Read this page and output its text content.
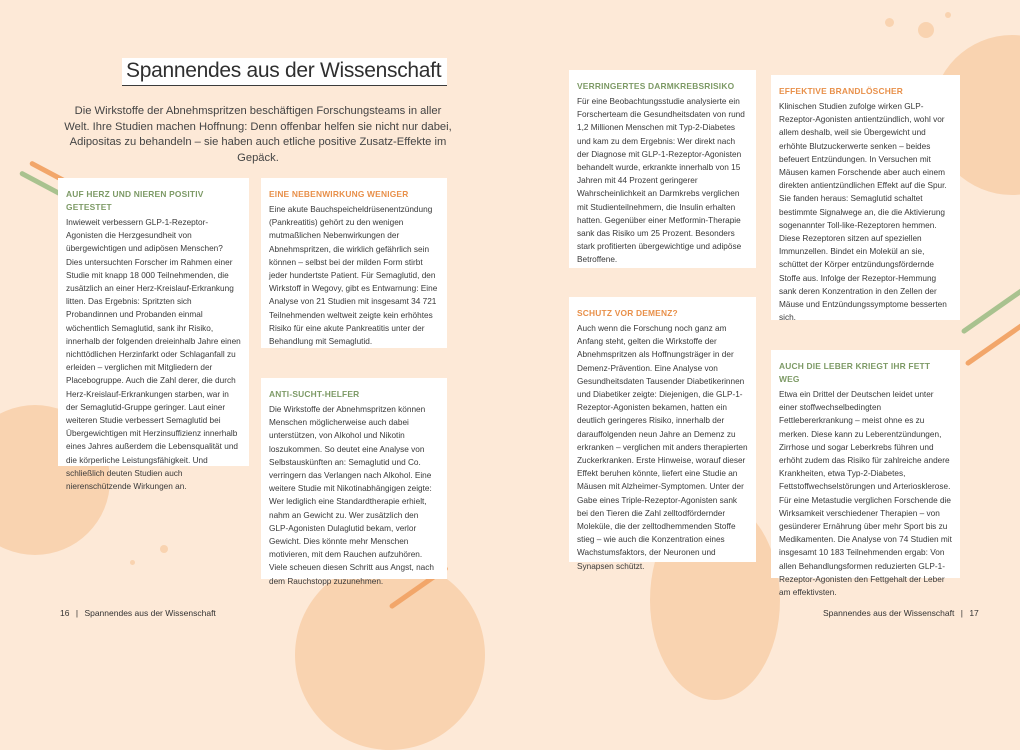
Spannendes aus der Wissenschaft
Die Wirkstoffe der Abnehmspritzen beschäftigen Forschungsteams in aller Welt. Ihre Studien machen Hoffnung: Denn offenbar helfen sie nicht nur dabei, Adipositas zu behandeln – sie haben auch etliche positive Zusatz-Effekte im Gepäck.
AUF HERZ UND NIEREN POSITIV GETESTET

Inwieweit verbessern GLP-1-Rezeptor-Agonisten die Herzgesundheit von übergewichtigen und adipösen Menschen? Dies untersuchten Forscher im Rahmen einer Studie mit knapp 18 000 Teilnehmenden, die zusätzlich an einer Herz-Kreislauf-Erkrankung litten. Das Ergebnis: Spritzten sich Probandinnen und Probanden einmal wöchentlich Semaglutid, sank ihr Risiko, innerhalb der folgenden dreieinhalb Jahre einen nichttödlichen Herzinfarkt oder Schlaganfall zu erleiden – verglichen mit Mitgliedern der Placebogruppe. Auch die Zahl derer, die durch Herz-Kreislauf-Erkrankungen starben, war in der Semaglutid-Gruppe geringer. Laut einer weiteren Studie verbessert Semaglutid bei Übergewichtigen mit Herzinsuffizienz innerhalb eines Jahres außerdem die Lebensqualität und die körperliche Leistungsfähigkeit. Und schließlich deuten Studien auch nierenschützende Wirkungen an.

EINE NEBENWIRKUNG WENIGER

Eine akute Bauchspeicheldrüsenentzündung (Pankreatitis) gehört zu den wenigen mutmaßlichen Nebenwirkungen der Abnehmspritzen, die wirklich gefährlich sein können – selbst bei der milden Form stirbt jeder hundertste Patient. Für Semaglutid, den Wirkstoff in Wegovy, gibt es Entwarnung: Eine Analyse von 21 Studien mit insgesamt 34 721 Teilnehmenden weltweit zeigte kein erhöhtes Risiko für eine akute Pankreatitis unter der Behandlung mit Semaglutid.

ANTI-SUCHT-HELFER

Die Wirkstoffe der Abnehmspritzen können Menschen möglicherweise auch dabei unterstützen, von Alkohol und Nikotin loszukommen. So deutet eine Analyse von Selbstauskünften an: Semaglutid und Co. verringern das Verlangen nach Alkohol. Eine weitere Studie mit Nikotinabhängigen zeigte: Wer lediglich eine Standardtherapie erhielt, nahm an Gewicht zu. Wer zusätzlich den GLP-Agonisten Dulaglutid bekam, verlor Gewicht. Dies könnte mehr Menschen motivieren, mit dem Rauchen aufzuhören. Viele scheuen diesen Schritt aus Angst, nach dem Rauchstopp zuzunehmen.

VERRINGERTES DARMKREBSRISIKO

Für eine Beobachtungsstudie analysierte ein Forscherteam die Gesundheitsdaten von rund 1,2 Millionen Menschen mit Typ-2-Diabetes und kam zu dem Ergebnis: Wer direkt nach der Diagnose mit GLP-1-Rezeptor-Agonisten behandelt wurde, erkrankte innerhalb von 15 Jahren mit 44 Prozent geringerer Wahrscheinlichkeit an Darmkrebs verglichen mit Studienteilnehmern, die Insulin erhalten hatten. Gegenüber einer Metformin-Therapie sank das Risiko um 25 Prozent. Besonders stark profitierten übergewichtige und adipöse Betroffene.

SCHUTZ VOR DEMENZ?

Auch wenn die Forschung noch ganz am Anfang steht, gelten die Wirkstoffe der Abnehmspritzen als Hoffnungsträger in der Demenz-Prävention. Eine Analyse von Gesundheitsdaten Tausender Diabetikerinnen und Diabetiker zeigte: Diejenigen, die GLP-1-Rezeptor-Agonisten bekamen, hatten ein deutlich geringeres Risiko, innerhalb der darauffolgenden neun Jahre an Demenz zu erkranken – verglichen mit anders therapierten Zuckerkranken. Erste Hinweise, worauf dieser Effekt beruhen könnte, liefert eine Studie an Mäusen mit Alzheimer-Symptomen. Unter der Gabe eines Triple-Rezeptor-Agonisten sank bei den Tieren die Zahl zelltodfördernder Moleküle, die der zelltodhemmenden Stoffe stieg – wie auch die Konzentration eines Wachstumsfaktors, der Neuronen und Synapsen schützt.

EFFEKTIVE BRANDLÖSCHER

Klinischen Studien zufolge wirken GLP-Rezeptor-Agonisten antientzündlich, wohl vor allem deshalb, weil sie Übergewicht und erhöhte Blutzuckerwerte senken – beides befeuert Entzündungen. In Versuchen mit Mäusen kamen Forschende aber auch einem direkten antientzündlichen Effekt auf die Spur. Sie fanden heraus: Semaglutid schaltet bestimmte Signalwege an, die die Aktivierung sogenannter Toll-like-Rezeptoren hemmen. Diese Rezeptoren sitzen auf speziellen Immunzellen. Bindet ein Molekül an sie, schüttet der Körper entzündungsfördernde Stoffe aus. Infolge der Rezeptor-Hemmung sank deren Konzentration in den Zellen der Mäuse und Entzündungssymptome besserten sich.

AUCH DIE LEBER KRIEGT IHR FETT WEG

Etwa ein Drittel der Deutschen leidet unter einer stoffwechselbedingten Fettlebererkrankung – meist ohne es zu merken. Diese kann zu Leberentzündungen, Zirrhose und sogar Leberkrebs führen und erhöht zudem das Risiko für zahlreiche andere Krankheiten, etwa Typ-2-Diabetes, Fettstoffwechselstörungen und Arteriosklerose. Für eine Metastudie verglichen Forschende die Wirksamkeit verschiedener Therapien – von gesünderer Ernährung über mehr Sport bis zu Medikamenten. Die Analyse von 74 Studien mit insgesamt 10 183 Teilnehmenden ergab: Von allen Behandlungsformen reduzierten GLP-1-Rezeptor-Agonisten den Fettgehalt der Leber am effektivsten.

16 | Spannendes aus der Wissenschaft	Spannendes aus der Wissenschaft | 17
